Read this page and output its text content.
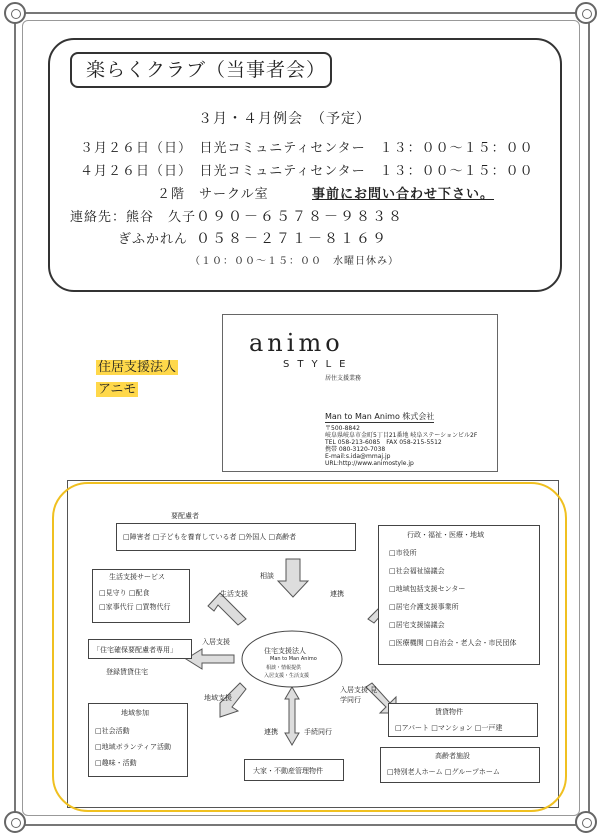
楽らくクラブ（当事者会）
３月・４月例会　（予定）
３月２６日（日）　日光コミュニティセンター　１３：００～１５：００
４月２６日（日）　日光コミュニティセンター　１３：００～１５：００
２階　サークル室	事前にお問い合わせ下さい。
連絡先：熊谷　久子 ０９０－６５７８－９８３８
ぎふかれん ０５８－２７１－８１６９
（１０：００～１５：００　水曜日休み）
住居支援法人
アニモ
animo
STYLE
居住支援業務
Man to Man Animo 株式会社
〒500-8842
岐阜県岐阜市金町5丁目21番地 岐阜ステーションビル2F
TEL 058-213-6085　FAX 058-215-5512
携帯 080-3120-7038
E-mail:s.ida@mmaj.jp
URL:http://www.animostyle.jp
要配慮者
□障害者 □子どもを養育している者 □外国人 □高齢者
住宅支援法人
Man to Man Animo
相談・情報提供
入居支援・生活支援
生活支援サービス
□見守り □配食
□家事代行 □買物代行
「住宅確保要配慮者専用」
登録賃貸住宅
地域参加
□社会活動
□地域ボランティア活動
□趣味・活動
行政・福祉・医療・地域
□市役所
□社会福祉協議会
□地域包括支援センター
□居宅介護支援事業所
□居宅支援協議会
□医療機関 □自治会・老人会・市民団体
賃貸物件
□アパート □マンション □一戸建
高齢者施設
□特別老人ホーム □グループホーム
大家・不動産管理物件
相談
生活支援	連携
入居支援
地域支援
連携	手続同行
入居支援 見学同行
